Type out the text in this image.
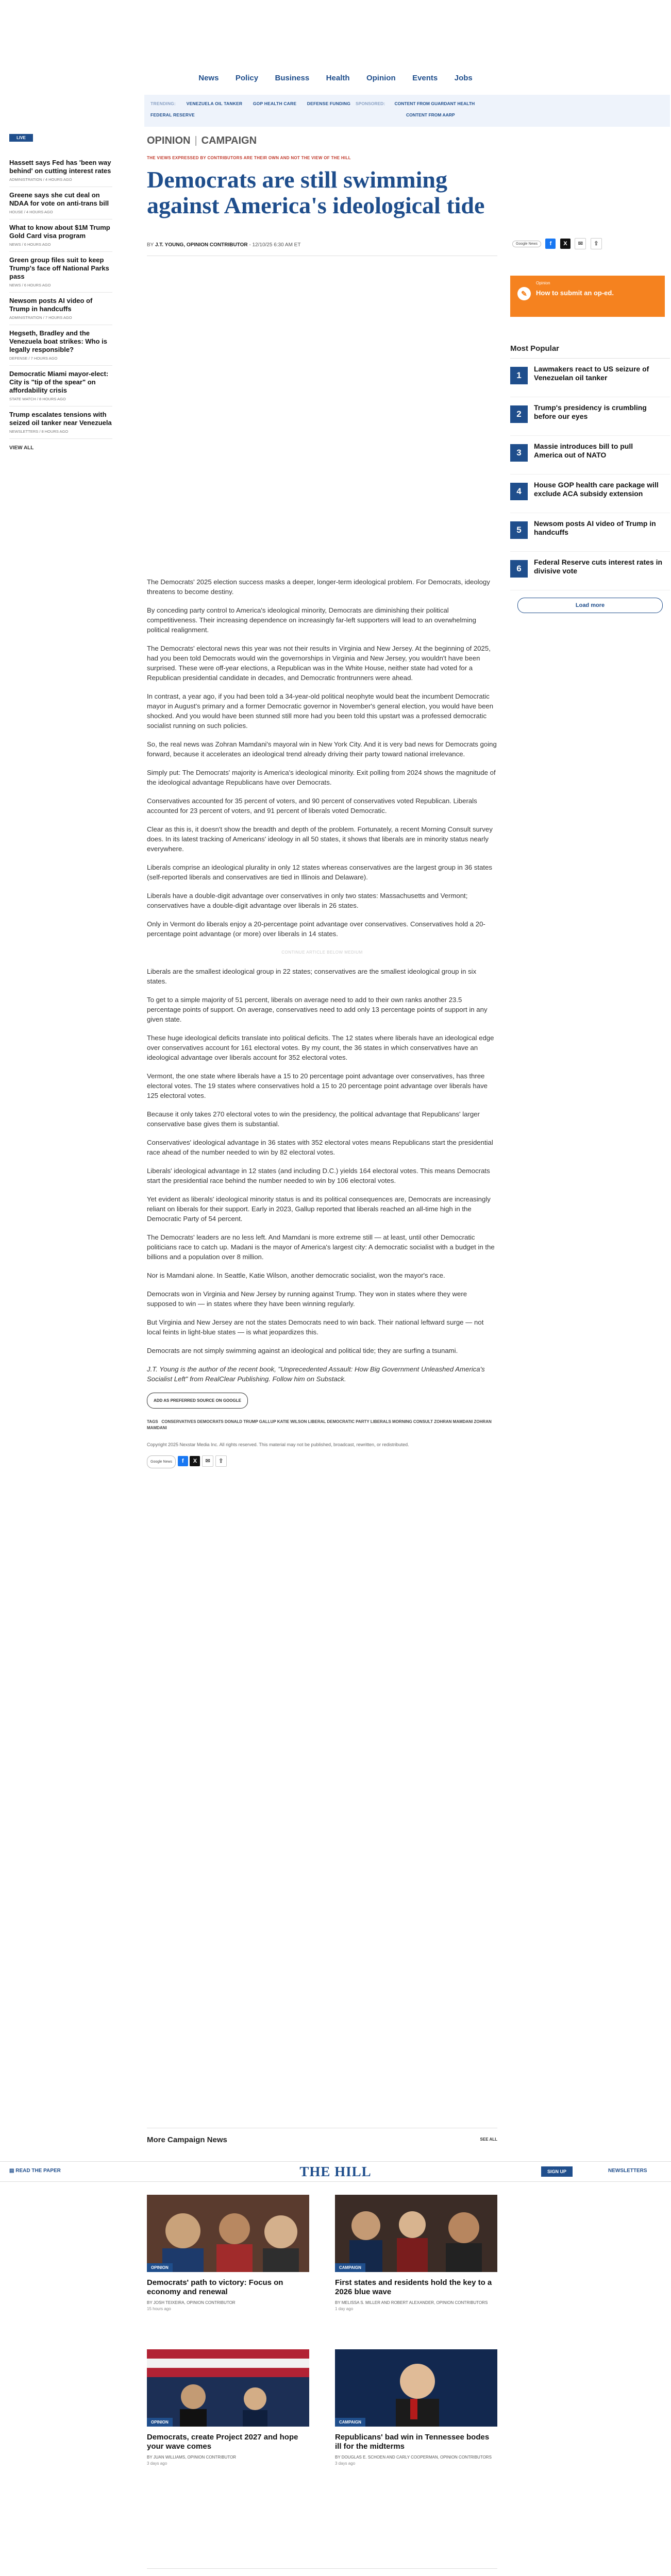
News Policy Business Health Opinion Events Jobs
TRENDING: VENEZUELA OIL TANKER GOP HEALTH CARE DEFENSE FUNDING
FEDERAL RESERVE
SPONSORED: CONTENT FROM GUARDANT HEALTH
CONTENT FROM AARP
LIVE
Hassett says Fed has 'been way behind' on cutting interest rates
ADMINISTRATION / 4 HOURS AGO
Greene says she cut deal on NDAA for vote on anti-trans bill
HOUSE / 4 HOURS AGO
What to know about $1M Trump Gold Card visa program
NEWS / 6 HOURS AGO
Green group files suit to keep Trump's face off National Parks pass
NEWS / 6 HOURS AGO
Newsom posts AI video of Trump in handcuffs
ADMINISTRATION / 7 HOURS AGO
Hegseth, Bradley and the Venezuela boat strikes: Who is legally responsible?
DEFENSE / 7 HOURS AGO
Democratic Miami mayor-elect: City is "tip of the spear" on affordability crisis
STATE WATCH / 8 HOURS AGO
Trump escalates tensions with seized oil tanker near Venezuela
NEWSLETTERS / 8 HOURS AGO
VIEW ALL
OPINION | CAMPAIGN
THE VIEWS EXPRESSED BY CONTRIBUTORS ARE THEIR OWN AND NOT THE VIEW OF THE HILL
Democrats are still swimming against America's ideological tide
BY J.T. YOUNG, OPINION CONTRIBUTOR - 12/10/25 6:30 AM ET	Google News f X ✉ ⇪
✎	How to submit an op-ed.
Opinion
Most Popular
1
Lawmakers react to US seizure of Venezuelan oil tanker
2
Trump's presidency is crumbling before our eyes
3
Massie introduces bill to pull America out of NATO
4
House GOP health care package will exclude ACA subsidy extension
5
Newsom posts AI video of Trump in handcuffs
6
Federal Reserve cuts interest rates in divisive vote
Load more

The Democrats' 2025 election success masks a deeper, longer-term ideological problem. For Democrats, ideology threatens to become destiny.

By conceding party control to America's ideological minority, Democrats are diminishing their political competitiveness. Their increasing dependence on increasingly far-left supporters will lead to an overwhelming political realignment.

The Democrats' electoral news this year was not their results in Virginia and New Jersey. At the beginning of 2025, had you been told Democrats would win the governorships in Virginia and New Jersey, you wouldn't have been surprised. These were off-year elections, a Republican was in the White House, neither state had voted for a Republican presidential candidate in decades, and Democratic frontrunners were ahead.

In contrast, a year ago, if you had been told a 34-year-old political neophyte would beat the incumbent Democratic mayor in August's primary and a former Democratic governor in November's general election, you would have been shocked. And you would have been stunned still more had you been told this upstart was a professed democratic socialist running on such policies.

So, the real news was Zohran Mamdani's mayoral win in New York City. And it is very bad news for Democrats going forward, because it accelerates an ideological trend already driving their party toward national irrelevance.

Simply put: The Democrats' majority is America's ideological minority. Exit polling from 2024 shows the magnitude of the ideological advantage Republicans have over Democrats.

Conservatives accounted for 35 percent of voters, and 90 percent of conservatives voted Republican. Liberals accounted for 23 percent of voters, and 91 percent of liberals voted Democratic.

Clear as this is, it doesn't show the breadth and depth of the problem. Fortunately, a recent Morning Consult survey does. In its latest tracking of Americans' ideology in all 50 states, it shows that liberals are in minority status nearly everywhere.

Liberals comprise an ideological plurality in only 12 states whereas conservatives are the largest group in 36 states (self-reported liberals and conservatives are tied in Illinois and Delaware).

Liberals have a double-digit advantage over conservatives in only two states: Massachusetts and Vermont; conservatives have a double-digit advantage over liberals in 26 states.

Only in Vermont do liberals enjoy a 20-percentage point advantage over conservatives. Conservatives hold a 20-percentage point advantage (or more) over liberals in 14 states.

CONTINUE ARTICLE BELOW MEDIUM

Liberals are the smallest ideological group in 22 states; conservatives are the smallest ideological group in six states.

To get to a simple majority of 51 percent, liberals on average need to add to their own ranks another 23.5 percentage points of support. On average, conservatives need to add only 13 percentage points of support in any given state.

These huge ideological deficits translate into political deficits. The 12 states where liberals have an ideological edge over conservatives account for 161 electoral votes. By my count, the 36 states in which conservatives have an ideological advantage over liberals account for 352 electoral votes.

Vermont, the one state where liberals have a 15 to 20 percentage point advantage over conservatives, has three electoral votes. The 19 states where conservatives hold a 15 to 20 percentage point advantage over liberals have 125 electoral votes.

Because it only takes 270 electoral votes to win the presidency, the political advantage that Republicans' larger conservative base gives them is substantial.

Conservatives' ideological advantage in 36 states with 352 electoral votes means Republicans start the presidential race ahead of the number needed to win by 82 electoral votes.

Liberals' ideological advantage in 12 states (and including D.C.) yields 164 electoral votes. This means Democrats start the presidential race behind the number needed to win by 106 electoral votes.

Yet evident as liberals' ideological minority status is and its political consequences are, Democrats are increasingly reliant on liberals for their support. Early in 2023, Gallup reported that liberals reached an all-time high in the Democratic Party of 54 percent.

The Democrats' leaders are no less left. And Mamdani is more extreme still — at least, until other Democratic politicians race to catch up. Madani is the mayor of America's largest city: A democratic socialist with a budget in the billions and a population over 8 million.

Nor is Mamdani alone. In Seattle, Katie Wilson, another democratic socialist, won the mayor's race.

Democrats won in Virginia and New Jersey by running against Trump. They won in states where they were supposed to win — in states where they have been winning regularly.

But Virginia and New Jersey are not the states Democrats need to win back. Their national leftward surge — not local feints in light-blue states — is what jeopardizes this.

Democrats are not simply swimming against an ideological and political tide; they are surfing a tsunami.

J.T. Young is the author of the recent book, "Unprecedented Assault: How Big Government Unleashed America's Socialist Left" from RealClear Publishing. Follow him on Substack.

ADD AS PREFERRED SOURCE ON GOOGLE
TAGS CONSERVATIVES DEMOCRATS DONALD TRUMP GALLUP KATIE WILSON LIBERAL DEMOCRATIC PARTY LIBERALS MORNING CONSULT ZOHRAN MAMDANI ZOHRAN MAMDANI
Copyright 2025 Nexstar Media Inc. All rights reserved. This material may not be published, broadcast, rewritten, or redistributed.
Google News f X ✉ ⇪
More Campaign News	SEE ALL
▤ READ THE PAPER	THE HILL	SIGN UP	NEWSLETTERS
OPINION
Democrats' path to victory: Focus on economy and renewal
BY JOSH TEIXEIRA, OPINION CONTRIBUTOR
15 hours ago
CAMPAIGN
First states and residents hold the key to a 2026 blue wave
BY MELISSA S. MILLER AND ROBERT ALEXANDER, OPINION CONTRIBUTORS
1 day ago
OPINION
Democrats, create Project 2027 and hope your wave comes
BY JUAN WILLIAMS, OPINION CONTRIBUTOR
3 days ago
CAMPAIGN
Republicans' bad win in Tennessee bodes ill for the midterms
BY DOUGLAS E. SCHOEN AND CARLY COOPERMAN, OPINION CONTRIBUTORS
3 days ago
